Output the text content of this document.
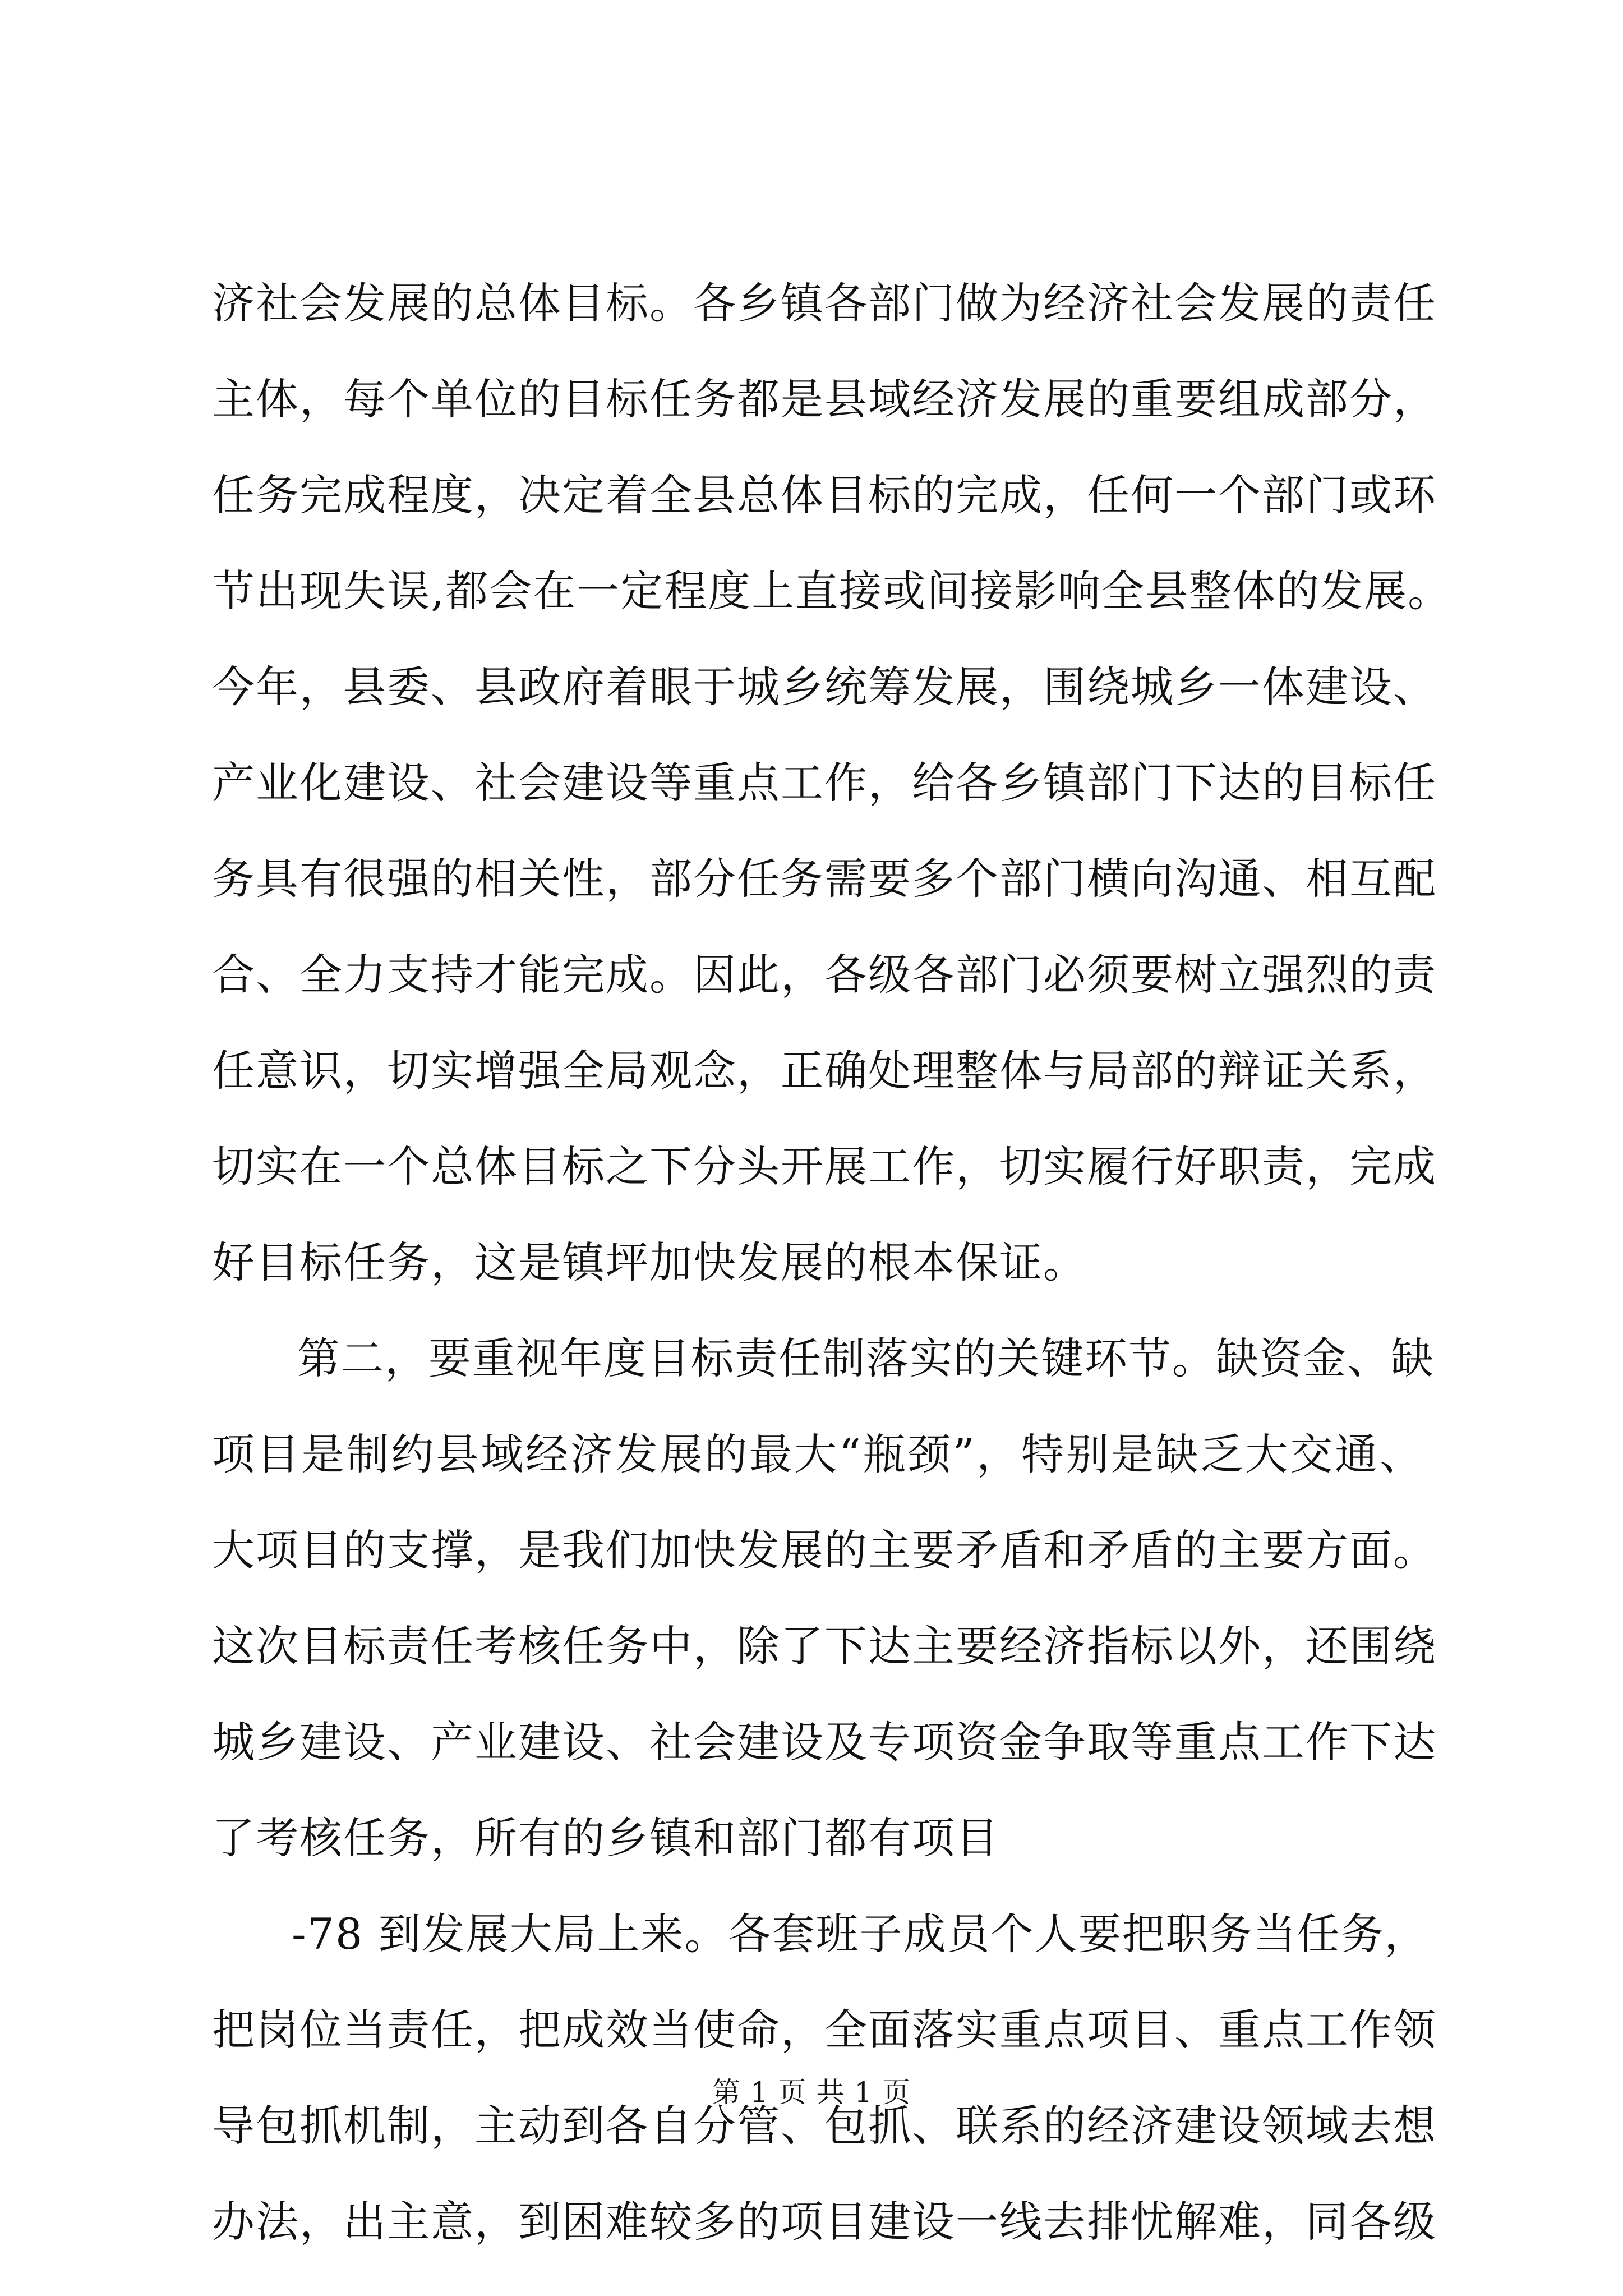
济社会发展的总体目标。各乡镇各部门做为经济社会发展的责任
主体，每个单位的目标任务都是县域经济发展的重要组成部分，
任务完成程度，决定着全县总体目标的完成，任何一个部门或环
节出现失误,都会在一定程度上直接或间接影响全县整体的发展。
今年，县委、县政府着眼于城乡统筹发展，围绕城乡一体建设、
产业化建设、社会建设等重点工作，给各乡镇部门下达的目标任
务具有很强的相关性，部分任务需要多个部门横向沟通、相互配
合、全力支持才能完成。因此，各级各部门必须要树立强烈的责
任意识，切实增强全局观念，正确处理整体与局部的辩证关系，
切实在一个总体目标之下分头开展工作，切实履行好职责，完成
好目标任务，这是镇坪加快发展的根本保证。
第二，要重视年度目标责任制落实的关键环节。缺资金、缺
项目是制约县域经济发展的最大“瓶颈”，特别是缺乏大交通、
大项目的支撑，是我们加快发展的主要矛盾和矛盾的主要方面。
这次目标责任考核任务中，除了下达主要经济指标以外，还围绕
城乡建设、产业建设、社会建设及专项资金争取等重点工作下达
了考核任务，所有的乡镇和部门都有项目
-78 到发展大局上来。各套班子成员个人要把职务当任务，
把岗位当责任，把成效当使命，全面落实重点项目、重点工作领
导包抓机制，主动到各自分管、包抓、联系的经济建设领域去想
办法，出主意，到困难较多的项目建设一线去排忧解难，同各级
第 1 页 共 1 页
